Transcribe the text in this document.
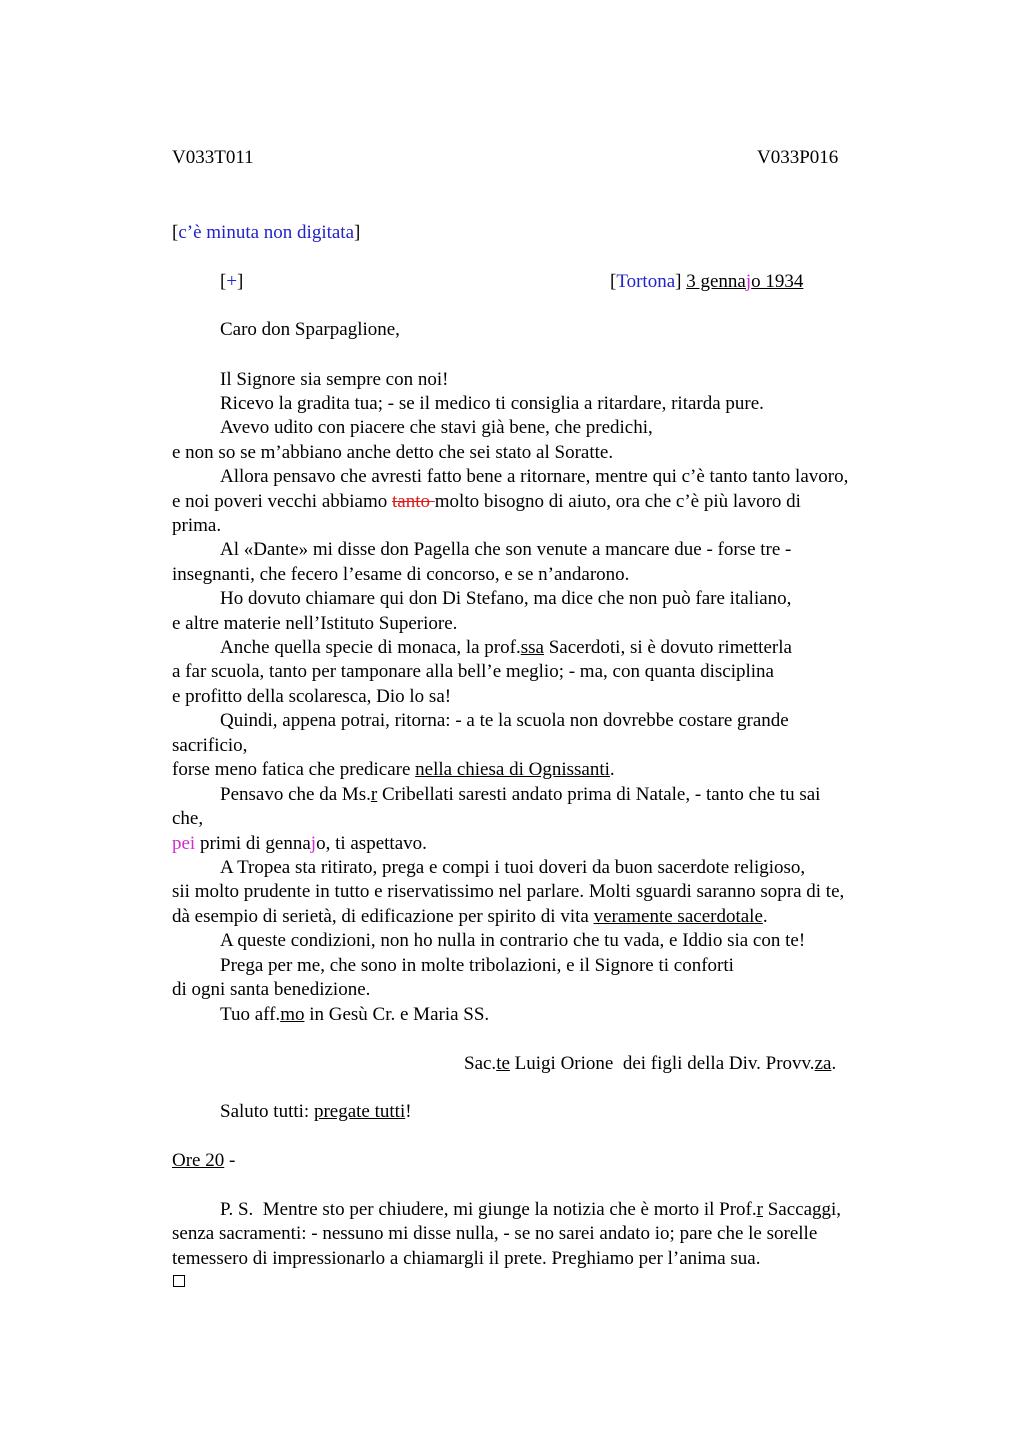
V033T011	V033P016
[c’è minuta non digitata]
[+]	[Tortona] 3 gennajo 1934
Caro don Sparpaglione,
Il Signore sia sempre con noi!
Ricevo la gradita tua; - se il medico ti consiglia a ritardare, ritarda pure.
Avevo udito con piacere che stavi già bene, che predichi,
e non so se m’abbiano anche detto che sei stato al Soratte.
Allora pensavo che avresti fatto bene a ritornare, mentre qui c’è tanto tanto lavoro,
e noi poveri vecchi abbiamo tanto molto bisogno di aiuto, ora che c’è più lavoro di
prima.
Al «Dante» mi disse don Pagella che son venute a mancare due - forse tre -
insegnanti, che fecero l’esame di concorso, e se n’andarono.
Ho dovuto chiamare qui don Di Stefano, ma dice che non può fare italiano,
e altre materie nell’Istituto Superiore.
Anche quella specie di monaca, la prof.ssa Sacerdoti, si è dovuto rimetterla
a far scuola, tanto per tamponare alla bell’e meglio; - ma, con quanta disciplina
e profitto della scolaresca, Dio lo sa!
Quindi, appena potrai, ritorna: - a te la scuola non dovrebbe costare grande
sacrificio,
forse meno fatica che predicare nella chiesa di Ognissanti.
Pensavo che da Ms.r Cribellati saresti andato prima di Natale, - tanto che tu sai
che,
pei primi di gennajo, ti aspettavo.
A Tropea sta ritirato, prega e compi i tuoi doveri da buon sacerdote religioso,
sii molto prudente in tutto e riservatissimo nel parlare. Molti sguardi saranno sopra di te,
dà esempio di serietà, di edificazione per spirito di vita veramente sacerdotale.
A queste condizioni, non ho nulla in contrario che tu vada, e Iddio sia con te!
Prega per me, che sono in molte tribolazioni, e il Signore ti conforti
di ogni santa benedizione.
Tuo aff.mo in Gesù Cr. e Maria SS.
Sac.te Luigi Orione  dei figli della Div. Provv.za.
Saluto tutti: pregate tutti!
Ore 20 -
P. S.  Mentre sto per chiudere, mi giunge la notizia che è morto il Prof.r Saccaggi,
senza sacramenti: - nessuno mi disse nulla, - se no sarei andato io; pare che le sorelle
temessero di impressionarlo a chiamargli il prete. Preghiamo per l’anima sua.
